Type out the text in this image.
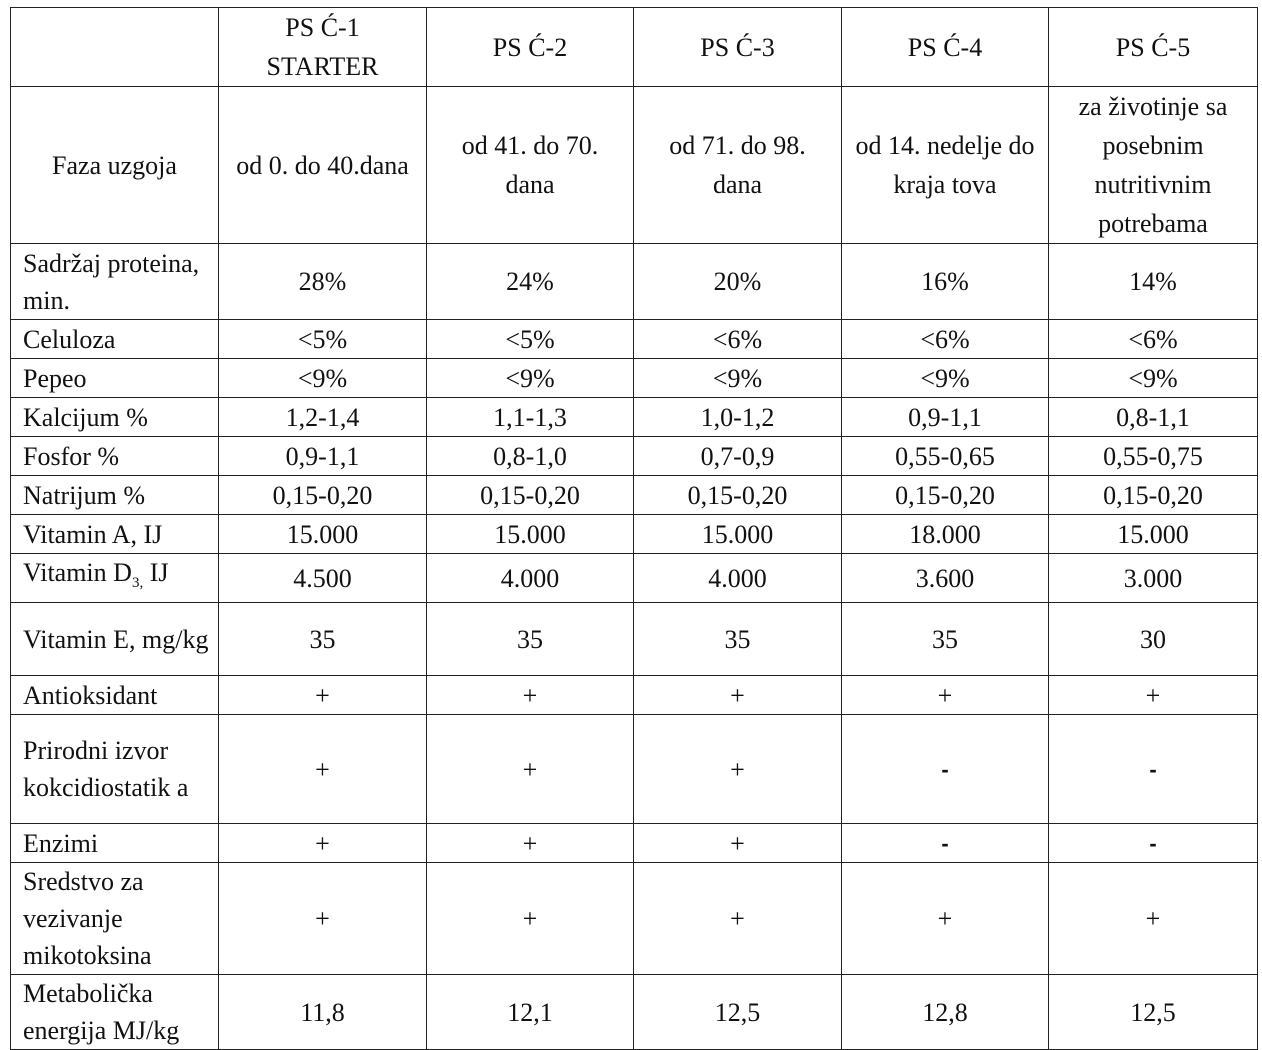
	PS Ć-1 STARTER	PS Ć-2	PS Ć-3	PS Ć-4	PS Ć-5
Faza uzgoja	od 0. do 40.dana	od 41. do 70. dana	od 71. do 98. dana	od 14. nedelje do kraja tova	za životinje sa posebnim nutritivnim potrebama
Sadržaj proteina, min.	28%	24%	20%	16%	14%
Celuloza	<5%	<5%	<6%	<6%	<6%
Pepeo	<9%	<9%	<9%	<9%	<9%
Kalcijum %	1,2-1,4	1,1-1,3	1,0-1,2	0,9-1,1	0,8-1,1
Fosfor %	0,9-1,1	0,8-1,0	0,7-0,9	0,55-0,65	0,55-0,75
Natrijum %	0,15-0,20	0,15-0,20	0,15-0,20	0,15-0,20	0,15-0,20
Vitamin A, IJ	15.000	15.000	15.000	18.000	15.000
Vitamin $D_{3,}$ IJ	4.500	4.000	4.000	3.600	3.000
Vitamin E, mg/kg	35	35	35	35	30
Antioksidant	+	+	+	+	+
Prirodni izvor kokcidiostatik a	+	+	+	-	-
Enzimi	+	+	+	-	-
Sredstvo za vezivanje mikotoksina	+	+	+	+	+
Metabolička energija MJ/kg	11,8	12,1	12,5	12,8	12,5
